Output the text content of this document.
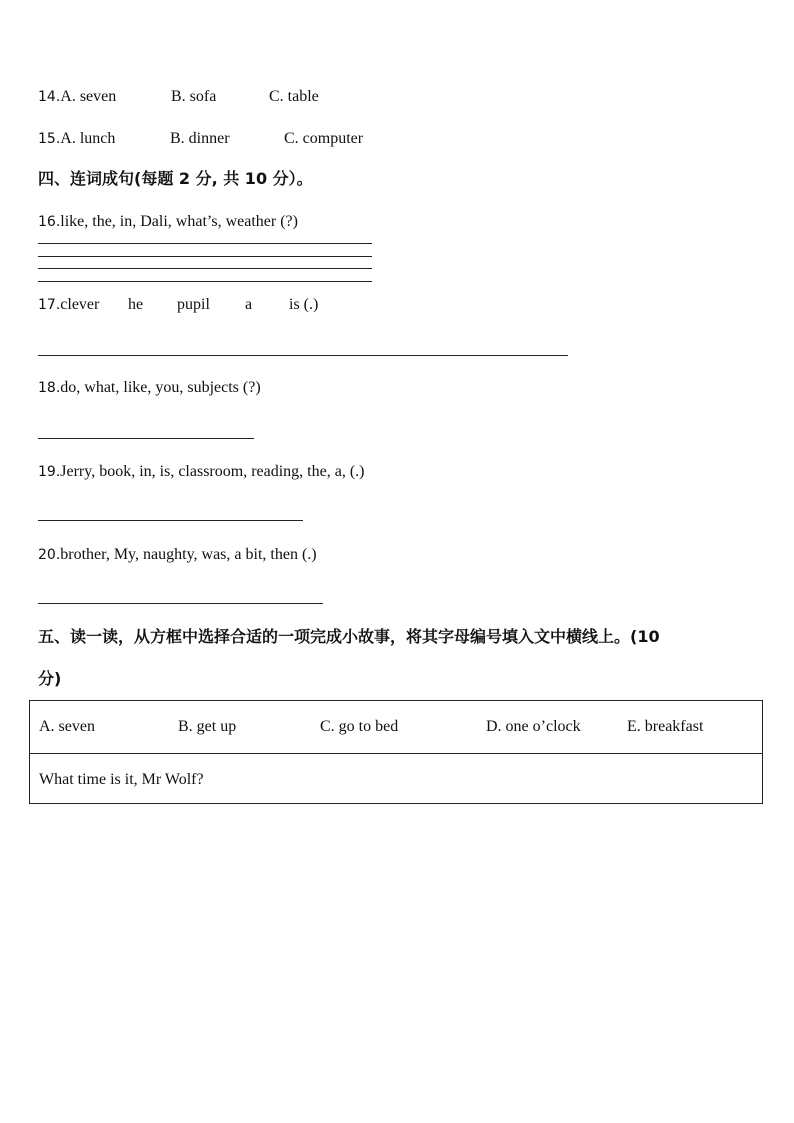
14.A. seven	B. sofa	C. table
15.A. lunch	B. dinner	C. computer
四、连词成句(每题 2 分, 共 10 分）。
16.like, the, in, Dali, what’s, weather (?)
17.clever he pupil a is (.)
18.do, what, like, you, subjects (?)
19.Jerry, book, in, is, classroom, reading, the, a, (.)
20.brother, My, naughty, was, a bit, then (.)
五、读一读，从方框中选择合适的一项完成小故事，将其字母编号填入文中横线上。(10
分)
A. seven	B. get up	C. go to bed	D. one o’clock	E. breakfast
What time is it, Mr Wolf?
